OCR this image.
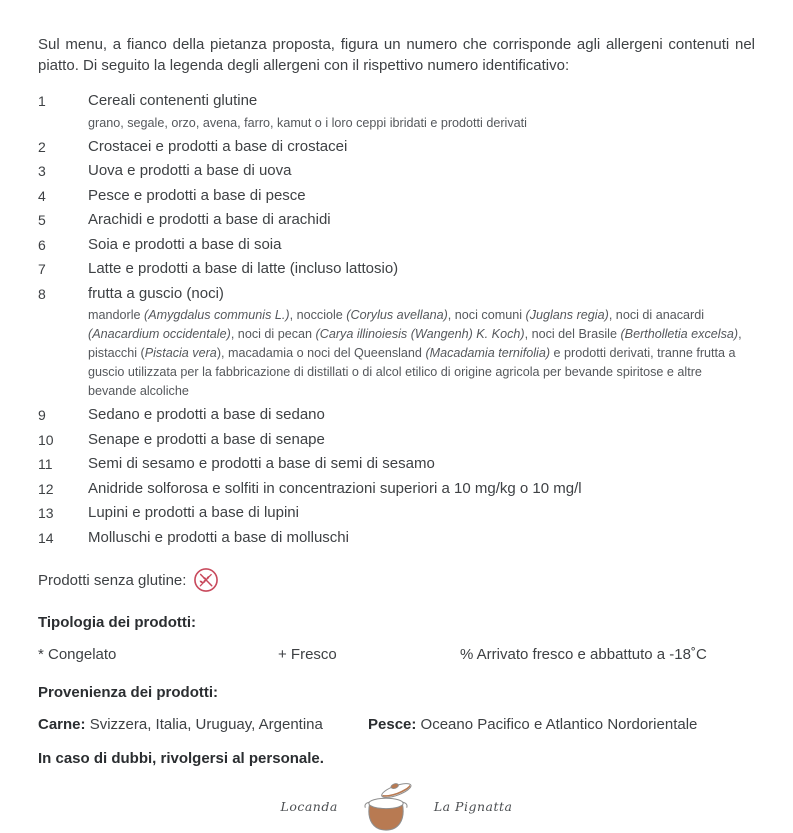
Sul menu, a fianco della pietanza proposta, figura un numero che corrisponde agli allergeni contenuti nel piatto. Di seguito la legenda degli allergeni con il rispettivo numero identificativo:

1	Cereali contenenti glutine
grano, segale, orzo, avena, farro, kamut o i loro ceppi ibridati e prodotti derivati
2	Crostacei e prodotti a base di crostacei
3	Uova e prodotti a base di uova
4	Pesce e prodotti a base di pesce
5	Arachidi e prodotti a base di arachidi
6	Soia e prodotti a base di soia
7	Latte e prodotti a base di latte (incluso lattosio)
8	frutta a guscio (noci)
mandorle (Amygdalus communis L.), nocciole (Corylus avellana), noci comuni (Juglans regia), noci di anacardi (Anacardium occidentale), noci di pecan (Carya illinoiesis (Wangenh) K. Koch), noci del Brasile (Bertholletia excelsa), pistacchi (Pistacia vera), macadamia o noci del Queensland (Macadamia ternifolia) e prodotti derivati, tranne frutta a guscio utilizzata per la fabbricazione di distillati o di alcol etilico di origine agricola per bevande spiritose e altre bevande alcoliche
9	Sedano e prodotti a base di sedano
10	Senape e prodotti a base di senape
11	Semi di sesamo e prodotti a base di semi di sesamo
12	Anidride solforosa e solfiti in concentrazioni superiori a 10 mg/kg o 10 mg/l
13	Lupini e prodotti a base di lupini
14	Molluschi e prodotti a base di molluschi
Prodotti senza glutine:

Tipologia dei prodotti:

* Congelato	+ Fresco	% Arrivato fresco e abbattuto a -18˚C

Provenienza dei prodotti:

Carne: Svizzera, Italia, Uruguay, Argentina	Pesce: Oceano Pacifico e Atlantico Nordorientale

In caso di dubbi, rivolgersi al personale.

Locanda	La Pignatta
